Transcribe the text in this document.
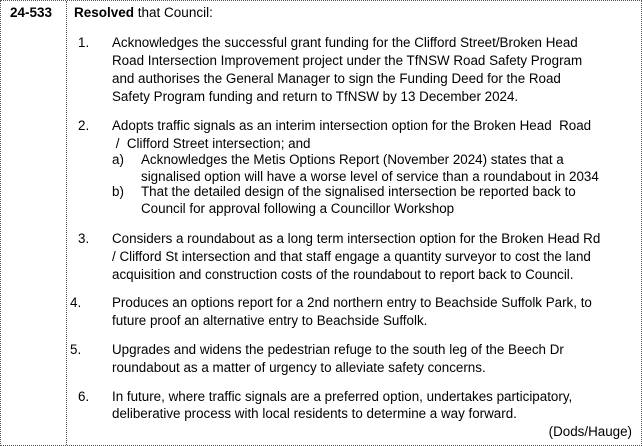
24-533 Resolved that Council:
1. Acknowledges the successful grant funding for the Clifford Street/Broken Head
Road Intersection Improvement project under the TfNSW Road Safety Program
and authorises the General Manager to sign the Funding Deed for the Road
Safety Program funding and return to TfNSW by 13 December 2024.
2. Adopts traffic signals as an interim intersection option for the Broken Head  Road
/  Clifford Street intersection; and
a) Acknowledges the Metis Options Report (November 2024) states that a
signalised option will have a worse level of service than a roundabout in 2034
b) That the detailed design of the signalised intersection be reported back to
Council for approval following a Councillor Workshop
3. Considers a roundabout as a long term intersection option for the Broken Head Rd
/ Clifford St intersection and that staff engage a quantity surveyor to cost the land
acquisition and construction costs of the roundabout to report back to Council.
4. Produces an options report for a 2nd northern entry to Beachside Suffolk Park, to
future proof an alternative entry to Beachside Suffolk.
5. Upgrades and widens the pedestrian refuge to the south leg of the Beech Dr
roundabout as a matter of urgency to alleviate safety concerns.
6. In future, where traffic signals are a preferred option, undertakes participatory,
deliberative process with local residents to determine a way forward.
(Dods/Hauge)
